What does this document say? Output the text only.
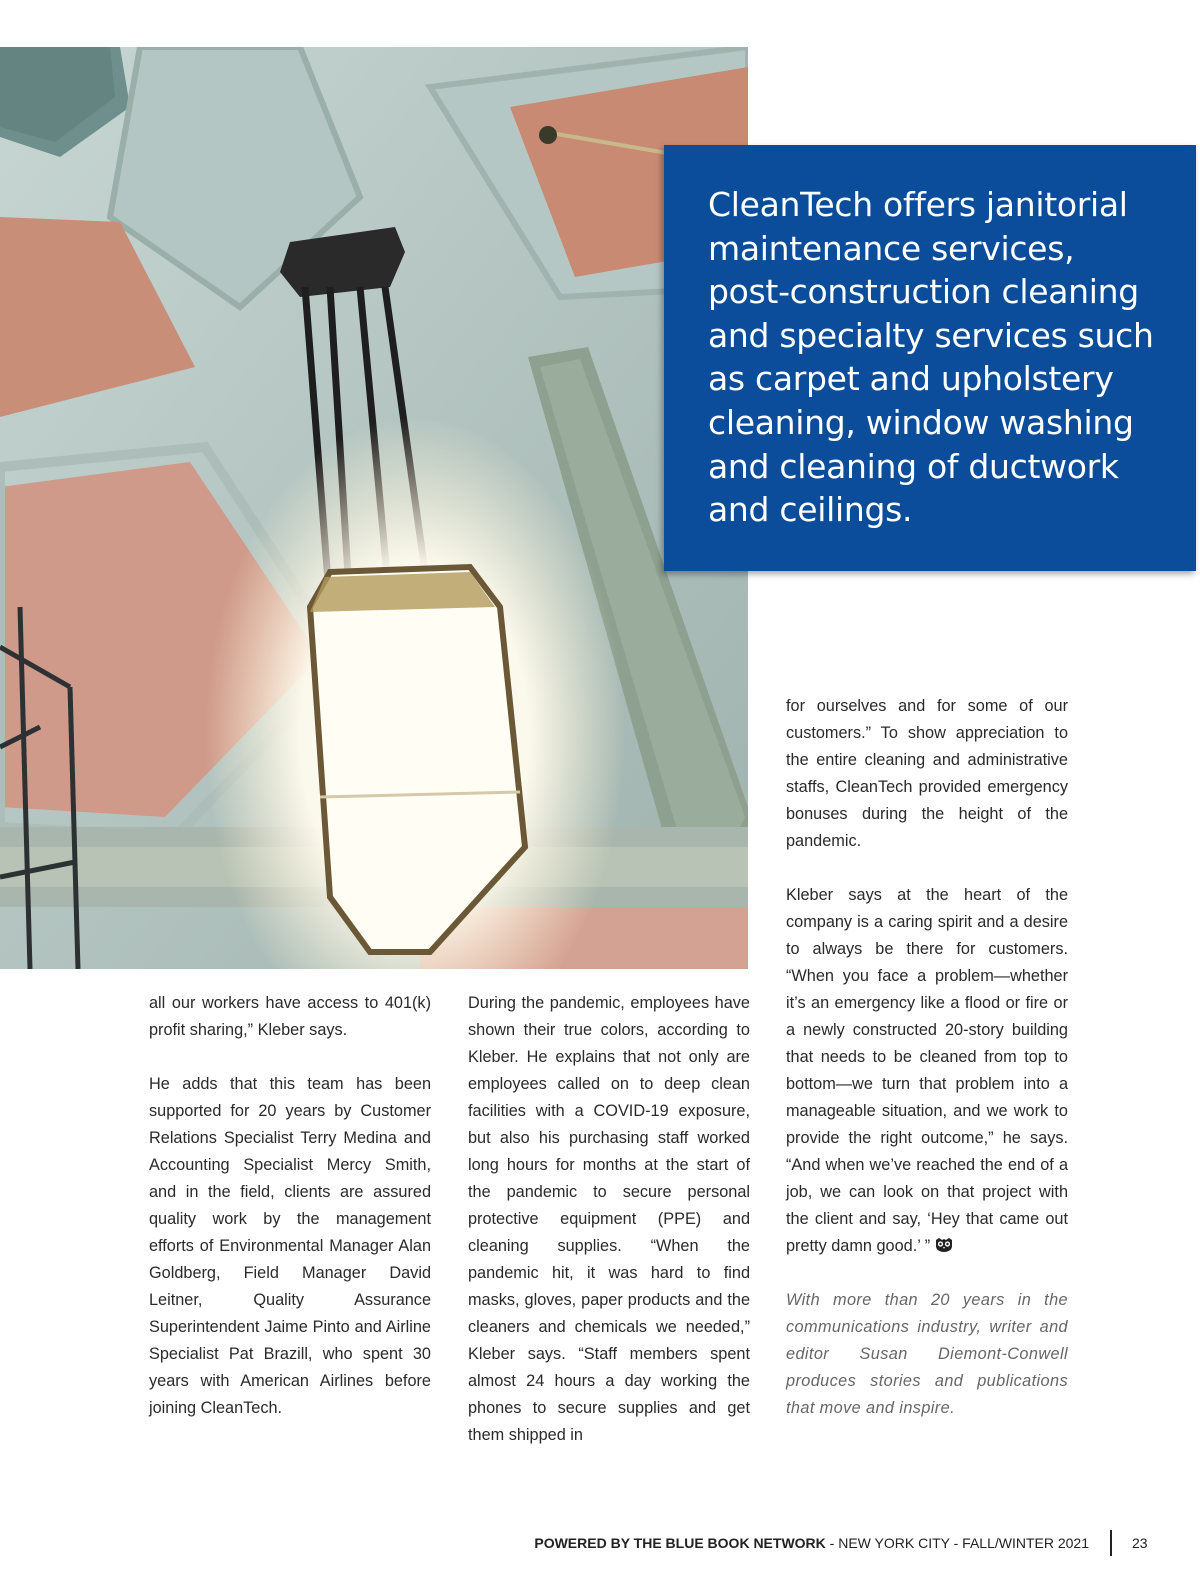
CleanTech offers janitorial maintenance services, post-construction cleaning and specialty services such as carpet and upholstery cleaning, window washing and cleaning of ductwork and ceilings.

all our workers have access to 401(k) profit sharing,” Kleber says.

He adds that this team has been supported for 20 years by Customer Relations Specialist Terry Medina and Accounting Specialist Mercy Smith, and in the field, clients are assured quality work by the management efforts of Environmental Manager Alan Goldberg, Field Manager David Leitner, Quality Assurance Superintendent Jaime Pinto and Airline Specialist Pat Brazill, who spent 30 years with American Airlines before joining CleanTech.

During the pandemic, employees have shown their true colors, according to Kleber. He explains that not only are employees called on to deep clean facilities with a COVID-19 exposure, but also his purchasing staff worked long hours for months at the start of the pandemic to secure personal protective equipment (PPE) and cleaning supplies. “When the pandemic hit, it was hard to find masks, gloves, paper products and the cleaners and chemicals we needed,” Kleber says. “Staff members spent almost 24 hours a day working the phones to secure supplies and get them shipped in

for ourselves and for some of our customers.” To show appreciation to the entire cleaning and administrative staffs, CleanTech provided emergency bonuses during the height of the pandemic.

Kleber says at the heart of the company is a caring spirit and a desire to always be there for customers. “When you face a problem—whether it’s an emergency like a flood or fire or a newly constructed 20-story building that needs to be cleaned from top to bottom—we turn that problem into a manageable situation, and we work to provide the right outcome,” he says. “And when we’ve reached the end of a job, we can look on that project with the client and say, ‘Hey that came out pretty damn good.’ ”

With more than 20 years in the communications industry, writer and editor Susan Diemont-Conwell produces stories and publications that move and inspire.

POWERED BY THE BLUE BOOK NETWORK - NEW YORK CITY - FALL/WINTER 2021	23
